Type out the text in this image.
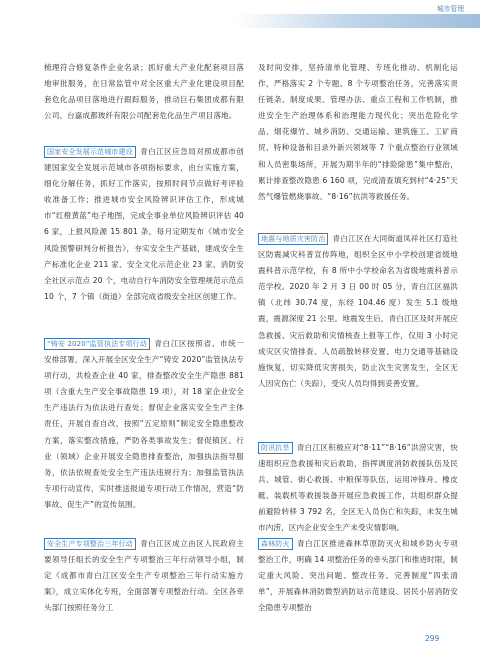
城市管理

梳理符合修复条件企业名录；抓好重大产业化配套项目落地审批服务，在日常监管中对全区重大产业化建设项目配套危化品项目落地进行跟踪服务，推动巨石集团成都有限公司、台嘉成都玻纤有限公司配套危化品生产项目落地。

国家安全发展示范城市建设 青白江区应急局对照成都市创建国家安全发展示范城市各项指标要求，由台实施方案，细化分解任务，抓好工作落实，按照时间节点做好考评验收准备工作；推进城市安全风险辨识评估工作，形成城市“红橙黄蓝”电子地图，完成全事业单位风险辨识评估 406 家，上报风险源 15 801 条，每月定期发布《城市安全风险预警研判分析报告》，夯实安全生产基础，建成安全生产标准化企业 211 家、安全文化示范企业 23 家、消防安全社区示范点 20 个，电动自行车消防安全管理规范示范点 10 个，7 个镇（街道）全部完成省级安全社区创建工作。

“铸安 2020”监管执法专项行动 青白江区按照省、市统一安排部署，深入开展全区安全生产“铸安 2020”监管执法专项行动，共检查企业 40 家，排查整改安全生产隐患 881 项（含重大生产安全事故隐患 19 项），对 18 家企业安全生产违法行为依法进行查处；督促企业落实安全生产主体责任，开展自查自改，按照“五定原则”制定安全隐患整改方案，落实整改措施，严防各类事故发生；督促镇区、行业（领域）企业开展安全隐患排查整治，加强执法指导服务，依法依规查处安全生产违法违规行为；加强监管执法专项行动宣传，实时推送报道专项行动工作情况，营造“防事故、促生产”的宣传氛围。

安全生产专项整治三年行动 青白江区成立由区人民政府主要领导任组长的安全生产专项整治三年行动领导小组，制定《成都市青白江区安全生产专项整治三年行动实施方案》，成立实体化专班，全面部署专项整治行动。全区各牵头部门按照任务分工

及时间安排，坚持清单化管理、专班化推动、机制化运作，严格落实 2 个专题、8 个专项整治任务，完善落实责任链条、制度成果、管理办法、重点工程和工作机制，推进安全生产治理体系和治理能力现代化；突出危险化学品、烟花爆竹、城乡消防、交通运输、建筑施工、工矿商贸、特种设备和目录外新兴领域等 7 个重点整治行业领域和人员密集场所，开展为期半年的“排险除患”集中整治，累计排查整改隐患 6 160 项，完成清查填充到村“4·25”天然气爆管燃烧事故、“8·16”抗洪等救援任务。

地震与地质灾害防治 青白江区在大同街道凤祥社区打造社区防震减灾科普宣传阵地，组织全区中小学校创建省级地震科普示范学校，有 8 所中小学校命名为省级地震科普示范学校。2020 年 2 月 3 日 00 时 05 分，青白江区福洪镇（北纬 30.74 度，东经 104.46 度）发生 5.1 级地震，震源深度 21 公里。地震发生后，青白江区及时开展应急救援、灾后救助和灾情核查上报等工作，仅用 3 小时完成灾区灾情排查、人员疏散转移安置、电力交通等基础设施恢复，切实降低灾害损失，防止次生灾害发生，全区无人因灾伤亡（失踪），受灾人员均得到妥善安置。

防汛抗旱 青白江区积极应对“8·11”“8·16”洪涝灾害，快速组织应急救援和灾后救助，指挥调度消防救援队伍及民兵、城管、街心救援、中粮保等队伍，运用冲锋舟、橡皮艇、装载机等救援装备开展应急救援工作，共组织群众提前避险转移 3 792 名，全区无人员伤亡和失踪，未发生城市内涝，区内企业安全生产未受灾情影响。

森林防火 青白江区推进森林草原防灭火和城乡防火专项整治工作，明确 14 项整治任务的牵头部门和推进时限，制定重大风险、突出问题、整改任务、完善制度“四张清单”，开展森林消防微型消防站示范建设、居民小居消防安全隐患专项整治

299
